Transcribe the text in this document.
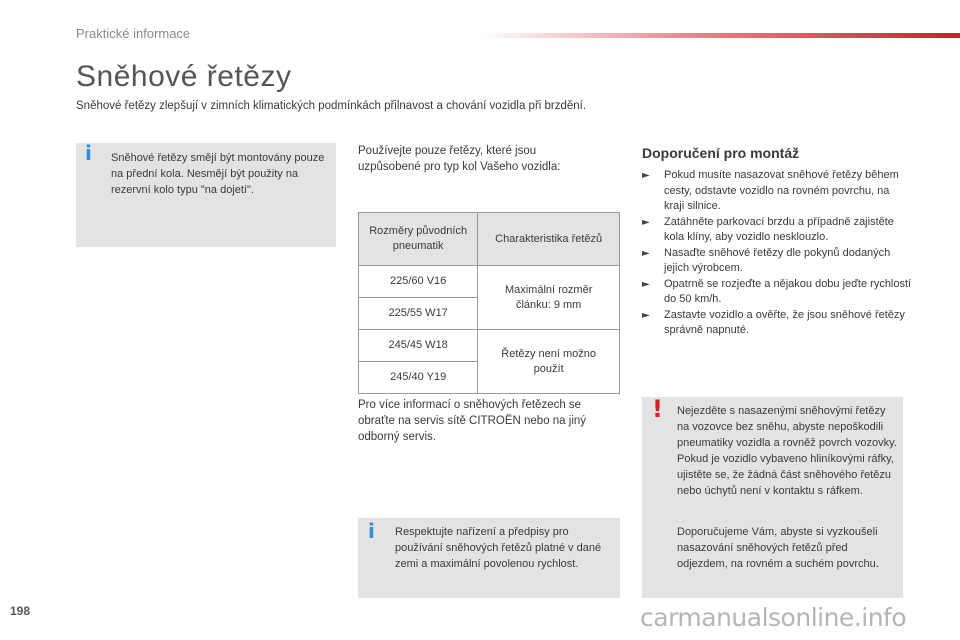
Praktické informace
Sněhové řetězy
Sněhové řetězy zlepšují v zimních klimatických podmínkách přilnavost a chování vozidla při brzdění.
i Sněhové řetězy smějí být montovány pouze na přední kola. Nesmějí být použity na rezervní kolo typu "na dojetí".

Používejte pouze řetězy, které jsou uzpůsobené pro typ kol Vašeho vozidla:
Rozměry původních pneumatik	Charakteristika řetězů
225/60 V16	Maximální rozměr článku: 9 mm
225/55 W17	
245/45 W18	Řetězy není možno použít
245/40 Y19	
Pro více informací o sněhových řetězech se obraťte na servis sítě CITROËN nebo na jiný odborný servis.
i Respektujte nařízení a předpisy pro používání sněhových řetězů platné v dané zemi a maximální povolenou rychlost.

Doporučení pro montáž
► Pokud musíte nasazovat sněhové řetězy během cesty, odstavte vozidlo na rovném povrchu, na kraji silnice.
► Zatáhněte parkovací brzdu a případně zajistěte kola klíny, aby vozidlo nesklouzlo.
► Nasaďte sněhové řetězy dle pokynů dodaných jejich výrobcem.
► Opatrně se rozjeďte a nějakou dobu jeďte rychlostí do 50 km/h.
► Zastavte vozidlo a ověřte, že jsou sněhové řetězy správně napnuté.
! Nejezděte s nasazenými sněhovými řetězy na vozovce bez sněhu, abyste nepoškodili pneumatiky vozidla a rovněž povrch vozovky. Pokud je vozidlo vybaveno hliníkovými ráfky, ujistěte se, že žádná část sněhového řetězu nebo úchytů není v kontaktu s ráfkem.

Doporučujeme Vám, abyste si vyzkoušeli nasazování sněhových řetězů před odjezdem, na rovném a suchém povrchu.

198	carmanualsonline.info
